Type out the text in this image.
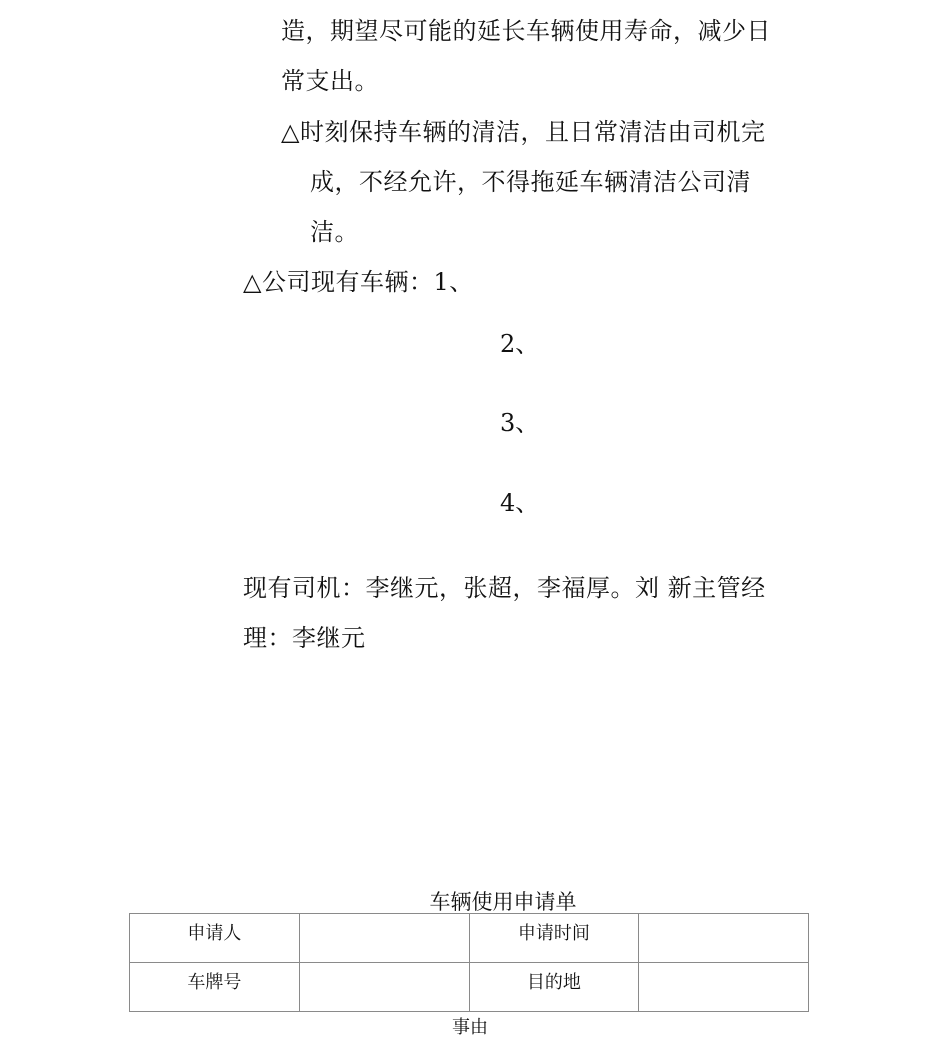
造，期望尽可能的延长车辆使用寿命，减少日
常支出。
△时刻保持车辆的清洁，且日常清洁由司机完
成，不经允许，不得拖延车辆清洁公司清
洁。
△公司现有车辆：1、
2、
3、
4、
现有司机：李继元，张超，李福厚。刘 新主管经
理：李继元
车辆使用申请单
申请人		申请时间	
车牌号		目的地	
事由
